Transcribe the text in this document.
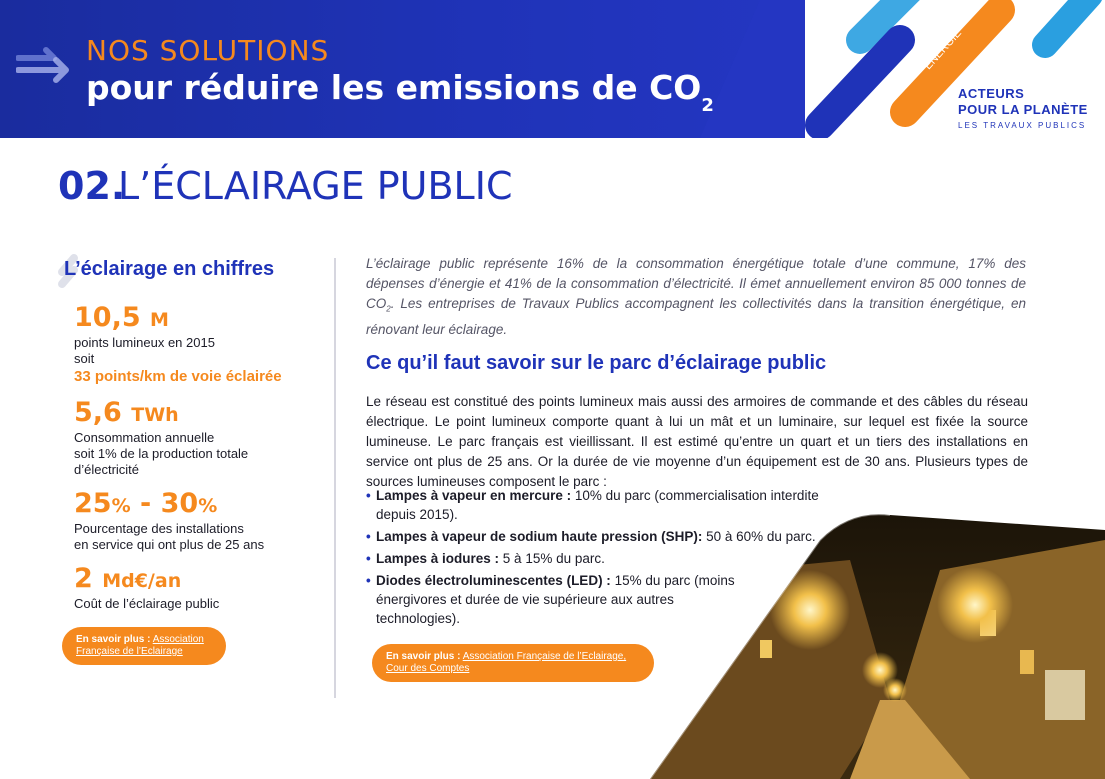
NOS SOLUTIONS
pour réduire les emissions de $CO_2$
ÉNERGIE
ACTEURS
POUR LA PLANÈTE
LES TRAVAUX PUBLICS
02.
L’ÉCLAIRAGE PUBLIC
L’éclairage en chiffres
10,5 M
points lumineux en 2015
soit
33 points/km de voie éclairée
5,6 TWh
Consommation annuelle
soit 1% de la production totale
d’électricité
25% - 30%
Pourcentage des installations
en service qui ont plus de 25 ans
2 Md€/an
Coût de l’éclairage public
En savoir plus : Association
Française de l’Eclairage
L’éclairage public représente 16% de la consommation énergétique totale d’une commune, 17% des dépenses d’énergie et 41% de la consommation d’électricité. Il émet annuellement environ 85 000 tonnes de $CO_2$. Les entreprises de Travaux Publics accompagnent les collectivités dans la transition énergétique, en rénovant leur éclairage.
Ce qu’il faut savoir sur le parc d’éclairage public
Le réseau est constitué des points lumineux mais aussi des armoires de commande et des câbles du réseau électrique. Le point lumineux comporte quant à lui un mât et un luminaire, sur lequel est fixée la source lumineuse. Le parc français est vieillissant. Il est estimé qu’entre un quart et un tiers des installations en service ont plus de 25 ans. Or la durée de vie moyenne d’un équipement est de 30 ans. Plusieurs types de sources lumineuses composent le parc :
• Lampes à vapeur en mercure : 10% du parc (commercialisation interdite depuis 2015).
• Lampes à vapeur de sodium haute pression (SHP): 50 à 60% du parc.
• Lampes à iodures : 5 à 15% du parc.
• Diodes électroluminescentes (LED) : 15% du parc (moins énergivores et durée de vie supérieure aux autres technologies).
En savoir plus : Association Française de l’Eclairage,
Cour des Comptes
